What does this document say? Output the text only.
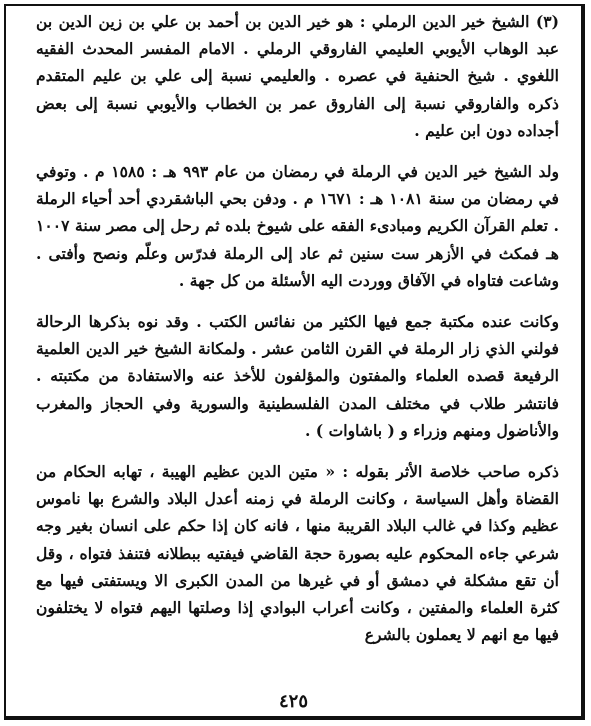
(٣) الشيخ خير الدين الرملي : هو خير الدين بن أحمد بن علي بن زين الدين بن عبد الوهاب الأيوبي العليمي الفاروقي الرملي . الامام المفسر المحدث الفقيه اللغوي . شيخ الحنفية في عصره . والعليمي نسبة إلى علي بن عليم المتقدم ذكره والفاروقي نسبة إلى الفاروق عمر بن الخطاب والأيوبي نسبة إلى بعض أجداده دون ابن عليم .

ولد الشيخ خير الدين في الرملة في رمضان من عام ٩٩٣ هـ : ١٥٨٥ م . وتوفي في رمضان من سنة ١٠٨١ هـ : ١٦٧١ م . ودفن بحي الباشقردي أحد أحياء الرملة . تعلم القرآن الكريم ومبادىء الفقه على شيوخ بلده ثم رحل إلى مصر سنة ١٠٠٧ هـ فمكث في الأزهر ست سنين ثم عاد إلى الرملة فدرّس وعلّم ونصح وأفتى . وشاعت فتاواه في الآفاق ووردت اليه الأسئلة من كل جهة .

وكانت عنده مكتبة جمع فيها الكثير من نفائس الكتب . وقد نوه بذكرها الرحالة فولني الذي زار الرملة في القرن الثامن عشر . ولمكانة الشيخ خير الدين العلمية الرفيعة قصده العلماء والمفتون والمؤلفون للأخذ عنه والاستفادة من مكتبته . فانتشر طلاب في مختلف المدن الفلسطينية والسورية وفي الحجاز والمغرب والأناضول ومنهم وزراء و ( باشاوات ) .

ذكره صاحب خلاصة الأثر بقوله : « متين الدين عظيم الهيبة ، تهابه الحكام من القضاة وأهل السياسة ، وكانت الرملة في زمنه أعدل البلاد والشرع بها ناموس عظيم وكذا في غالب البلاد القريبة منها ، فانه كان إذا حكم على انسان بغير وجه شرعي جاءه المحكوم عليه بصورة حجة القاضي فيفتيه ببطلانه فتنفذ فتواه ، وقل أن تقع مشكلة في دمشق أو في غيرها من المدن الكبرى الا ويستفتى فيها مع كثرة العلماء والمفتين ، وكانت أعراب البوادي إذا وصلتها اليهم فتواه لا يختلفون فيها مع انهم لا يعملون بالشرع

٤٢٥
